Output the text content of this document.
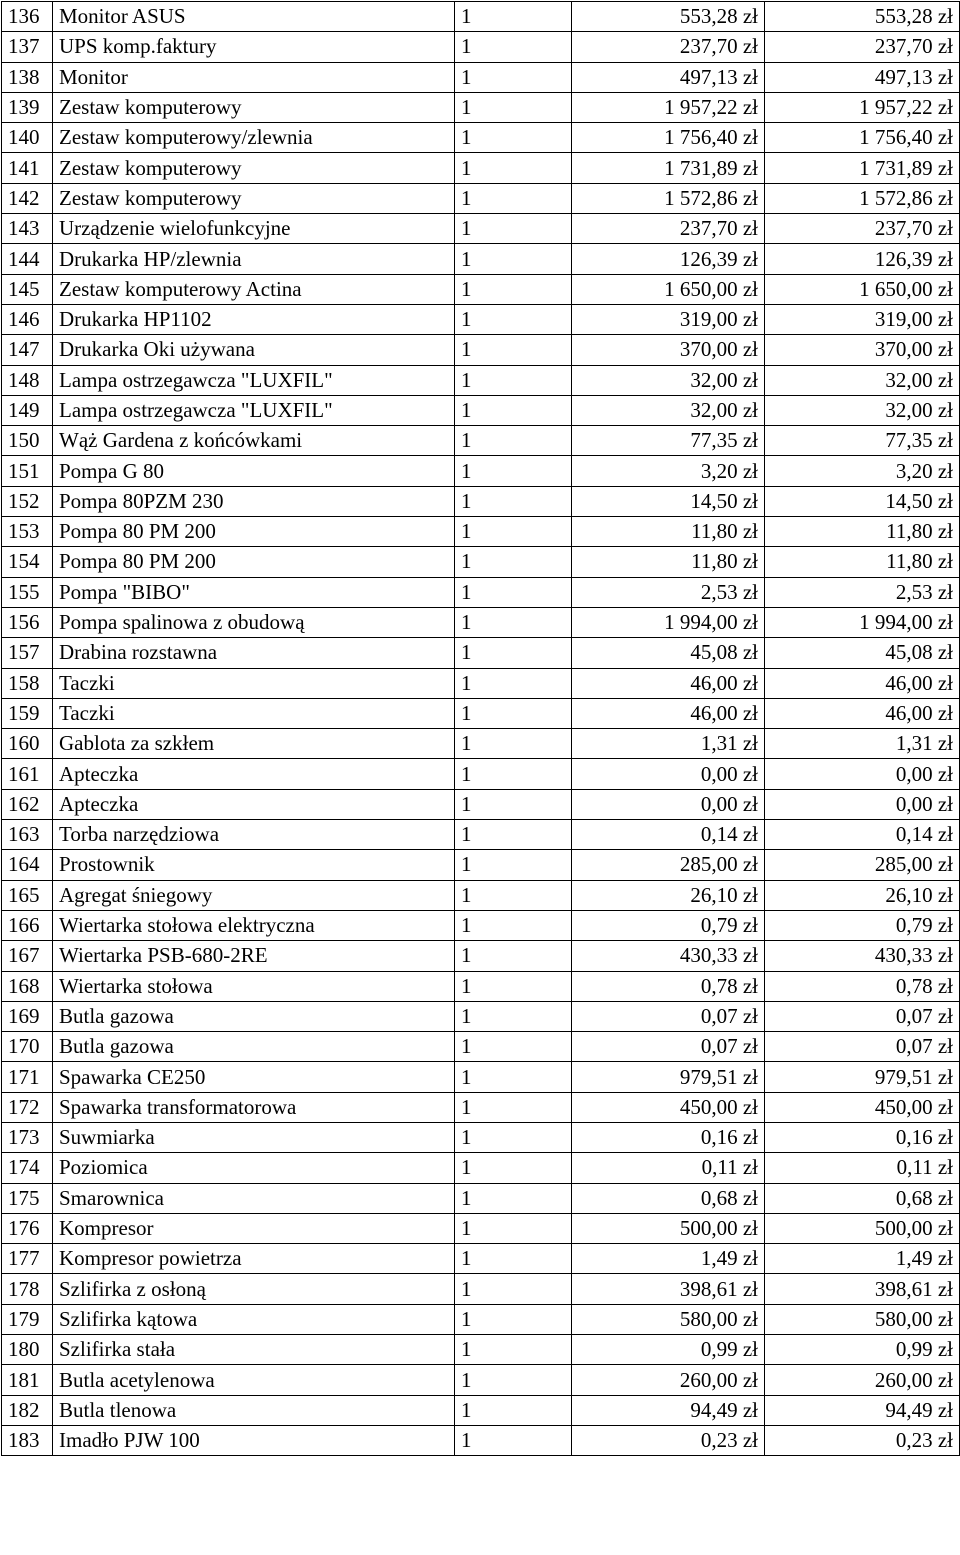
136	Monitor ASUS	1	553,28 zł	553,28 zł
137	UPS komp.faktury	1	237,70 zł	237,70 zł
138	Monitor	1	497,13 zł	497,13 zł
139	Zestaw komputerowy	1	1 957,22 zł	1 957,22 zł
140	Zestaw komputerowy/zlewnia	1	1 756,40 zł	1 756,40 zł
141	Zestaw komputerowy	1	1 731,89 zł	1 731,89 zł
142	Zestaw komputerowy	1	1 572,86 zł	1 572,86 zł
143	Urządzenie wielofunkcyjne	1	237,70 zł	237,70 zł
144	Drukarka HP/zlewnia	1	126,39 zł	126,39 zł
145	Zestaw komputerowy Actina	1	1 650,00 zł	1 650,00 zł
146	Drukarka HP1102	1	319,00 zł	319,00 zł
147	Drukarka Oki używana	1	370,00 zł	370,00 zł
148	Lampa ostrzegawcza "LUXFIL"	1	32,00 zł	32,00 zł
149	Lampa ostrzegawcza "LUXFIL"	1	32,00 zł	32,00 zł
150	Wąż Gardena z końcówkami	1	77,35 zł	77,35 zł
151	Pompa G 80	1	3,20 zł	3,20 zł
152	Pompa 80PZM 230	1	14,50 zł	14,50 zł
153	Pompa 80 PM 200	1	11,80 zł	11,80 zł
154	Pompa 80 PM 200	1	11,80 zł	11,80 zł
155	Pompa "BIBO"	1	2,53 zł	2,53 zł
156	Pompa spalinowa z obudową	1	1 994,00 zł	1 994,00 zł
157	Drabina rozstawna	1	45,08 zł	45,08 zł
158	Taczki	1	46,00 zł	46,00 zł
159	Taczki	1	46,00 zł	46,00 zł
160	Gablota za szkłem	1	1,31 zł	1,31 zł
161	Apteczka	1	0,00 zł	0,00 zł
162	Apteczka	1	0,00 zł	0,00 zł
163	Torba narzędziowa	1	0,14 zł	0,14 zł
164	Prostownik	1	285,00 zł	285,00 zł
165	Agregat śniegowy	1	26,10 zł	26,10 zł
166	Wiertarka stołowa elektryczna	1	0,79 zł	0,79 zł
167	Wiertarka PSB-680-2RE	1	430,33 zł	430,33 zł
168	Wiertarka stołowa	1	0,78 zł	0,78 zł
169	Butla gazowa	1	0,07 zł	0,07 zł
170	Butla gazowa	1	0,07 zł	0,07 zł
171	Spawarka CE250	1	979,51 zł	979,51 zł
172	Spawarka transformatorowa	1	450,00 zł	450,00 zł
173	Suwmiarka	1	0,16 zł	0,16 zł
174	Poziomica	1	0,11 zł	0,11 zł
175	Smarownica	1	0,68 zł	0,68 zł
176	Kompresor	1	500,00 zł	500,00 zł
177	Kompresor powietrza	1	1,49 zł	1,49 zł
178	Szlifirka z osłoną	1	398,61 zł	398,61 zł
179	Szlifirka kątowa	1	580,00 zł	580,00 zł
180	Szlifirka stała	1	0,99 zł	0,99 zł
181	Butla acetylenowa	1	260,00 zł	260,00 zł
182	Butla tlenowa	1	94,49 zł	94,49 zł
183	Imadło PJW 100	1	0,23 zł	0,23 zł
